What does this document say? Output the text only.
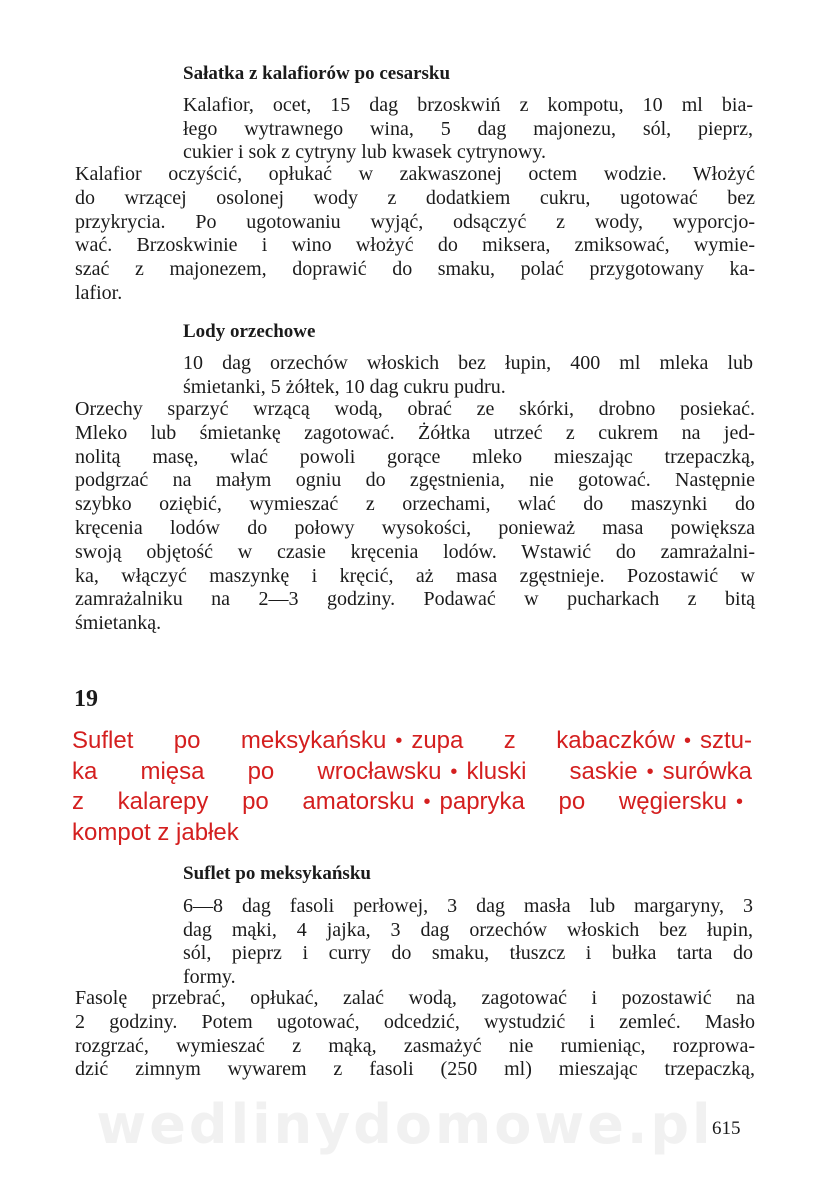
Sałatka z kalafiorów po cesarsku
Kalafior, ocet, 15 dag brzoskwiń z kompotu, 10 ml bia-
łego wytrawnego wina, 5 dag majonezu, sól, pieprz,
cukier i sok z cytryny lub kwasek cytrynowy.
Kalafior oczyścić, opłukać w zakwaszonej octem wodzie. Włożyć
do wrzącej osolonej wody z dodatkiem cukru, ugotować bez
przykrycia. Po ugotowaniu wyjąć, odsączyć z wody, wyporcjo-
wać. Brzoskwinie i wino włożyć do miksera, zmiksować, wymie-
szać z majonezem, doprawić do smaku, polać przygotowany ka-
lafior.
Lody orzechowe
10 dag orzechów włoskich bez łupin, 400 ml mleka lub
śmietanki, 5 żółtek, 10 dag cukru pudru.
Orzechy sparzyć wrzącą wodą, obrać ze skórki, drobno posiekać.
Mleko lub śmietankę zagotować. Żółtka utrzeć z cukrem na jed-
nolitą masę, wlać powoli gorące mleko mieszając trzepaczką,
podgrzać na małym ogniu do zgęstnienia, nie gotować. Następnie
szybko oziębić, wymieszać z orzechami, wlać do maszynki do
kręcenia lodów do połowy wysokości, ponieważ masa powiększa
swoją objętość w czasie kręcenia lodów. Wstawić do zamrażalni-
ka, włączyć maszynkę i kręcić, aż masa zgęstnieje. Pozostawić w
zamrażalniku na 2—3 godziny. Podawać w pucharkach z bitą
śmietanką.
19
Suflet po meksykańsku • zupa z kabaczków • sztu-
ka mięsa po wrocławsku • kluski saskie • surówka
z kalarepy po amatorsku • papryka po węgiersku •
kompot z jabłek
Suflet po meksykańsku
6—8 dag fasoli perłowej, 3 dag masła lub margaryny, 3
dag mąki, 4 jajka, 3 dag orzechów włoskich bez łupin,
sól, pieprz i curry do smaku, tłuszcz i bułka tarta do
formy.
Fasolę przebrać, opłukać, zalać wodą, zagotować i pozostawić na
2 godziny. Potem ugotować, odcedzić, wystudzić i zemleć. Masło
rozgrzać, wymieszać z mąką, zasmażyć nie rumieniąc, rozprowa-
dzić zimnym wywarem z fasoli (250 ml) mieszając trzepaczką,
wedlinydomowe.pl
615
